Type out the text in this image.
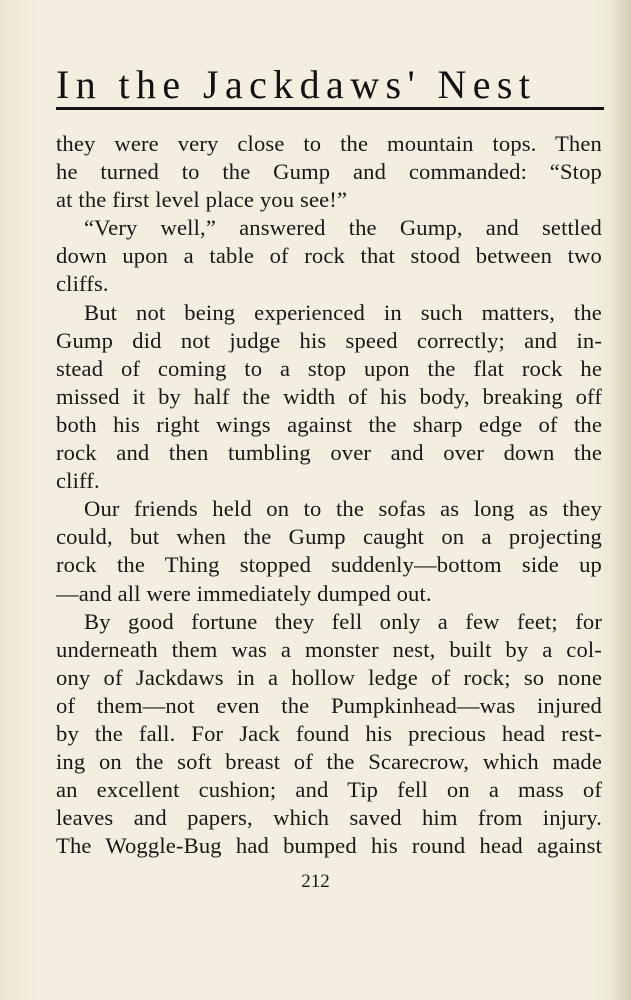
In the Jackdaws' Nest
they were very close to the mountain tops. Then
he turned to the Gump and commanded: “Stop
at the first level place you see!”
“Very well,” answered the Gump, and settled
down upon a table of rock that stood between two
cliffs.
But not being experienced in such matters, the
Gump did not judge his speed correctly; and in-
stead of coming to a stop upon the flat rock he
missed it by half the width of his body, breaking off
both his right wings against the sharp edge of the
rock and then tumbling over and over down the
cliff.
Our friends held on to the sofas as long as they
could, but when the Gump caught on a projecting
rock the Thing stopped suddenly—bottom side up
—and all were immediately dumped out.
By good fortune they fell only a few feet; for
underneath them was a monster nest, built by a col-
ony of Jackdaws in a hollow ledge of rock; so none
of them—not even the Pumpkinhead—was injured
by the fall. For Jack found his precious head rest-
ing on the soft breast of the Scarecrow, which made
an excellent cushion; and Tip fell on a mass of
leaves and papers, which saved him from injury.
The Woggle-Bug had bumped his round head against
212
